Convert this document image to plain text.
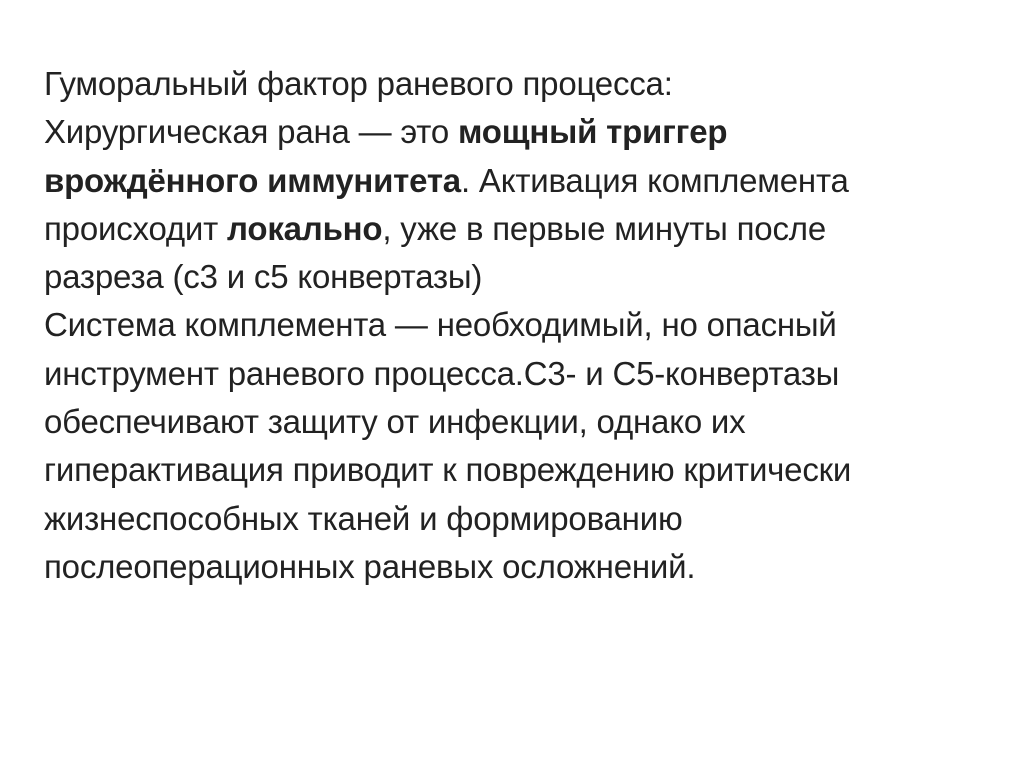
Гуморальный фактор раневого процесса:
Хирургическая рана — это мощный триггер
врождённого иммунитета. Активация комплемента
происходит локально, уже в первые минуты после
разреза (с3 и с5 конвертазы)
Система комплемента — необходимый, но опасный
инструмент раневого процесса.С3- и С5-конвертазы
обеспечивают защиту от инфекции, однако их
гиперактивация приводит к повреждению критически
жизнеспособных тканей и формированию
послеоперационных раневых осложнений.
